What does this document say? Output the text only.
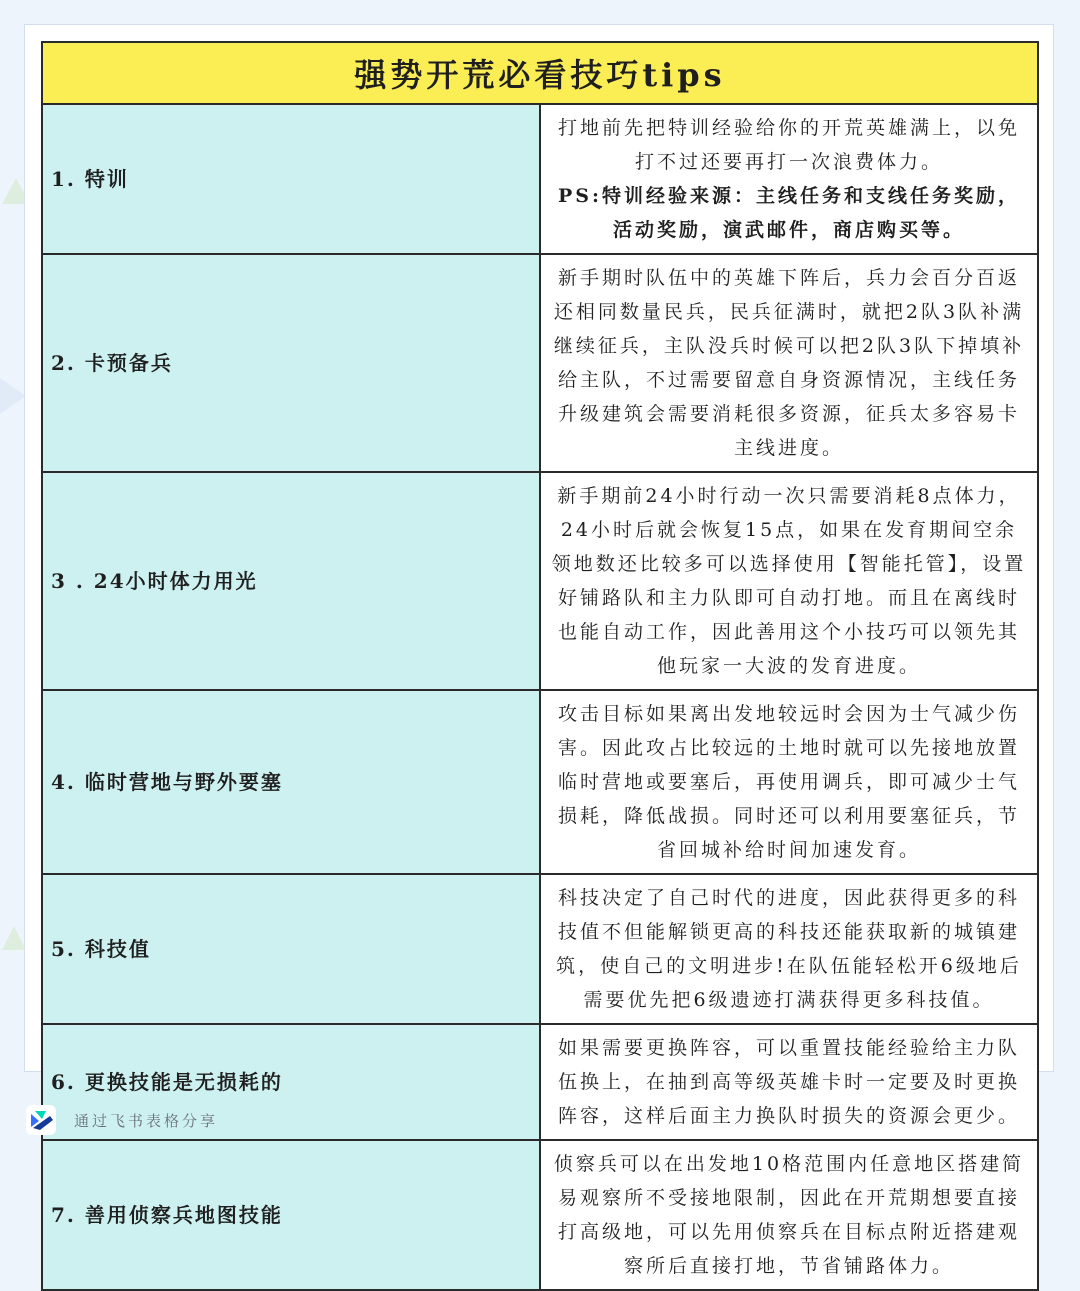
强势开荒必看技巧tips	
1. 特训	打地前先把特训经验给你的开荒英雄满上，以免打不过还要再打一次浪费体力。
PS:特训经验来源：主线任务和支线任务奖励，活动奖励，演武邮件，商店购买等。

2. 卡预备兵	新手期时队伍中的英雄下阵后，兵力会百分百返还相同数量民兵，民兵征满时，就把2队3队补满 继续征兵，主队没兵时候可以把2队3队下掉填补给主队，不过需要留意自身资源情况，主线任务升级建筑会需要消耗很多资源，征兵太多容易卡主线进度。
3 . 24小时体力用光	新手期前24小时行动一次只需要消耗8点体力，24小时后就会恢复15点，如果在发育期间空余领地数还比较多可以选择使用【智能托管】，设置好铺路队和主力队即可自动打地。而且在离线时也能自动工作，因此善用这个小技巧可以领先其他玩家一大波的发育进度。
4. 临时营地与野外要塞	攻击目标如果离出发地较远时会因为士气减少伤害。因此攻占比较远的土地时就可以先接地放置临时营地或要塞后，再使用调兵，即可减少士气损耗，降低战损。同时还可以利用要塞征兵，节省回城补给时间加速发育。
5. 科技值	科技决定了自己时代的进度，因此获得更多的科技值不但能解锁更高的科技还能获取新的城镇建筑，使自己的文明进步!在队伍能轻松开6级地后需要优先把6级遗迹打满获得更多科技值。
6. 更换技能是无损耗的	如果需要更换阵容，可以重置技能经验给主力队伍换上，在抽到高等级英雄卡时一定要及时更换阵容，这样后面主力换队时损失的资源会更少。
7. 善用侦察兵地图技能	侦察兵可以在出发地10格范围内任意地区搭建简易观察所不受接地限制，因此在开荒期想要直接打高级地，可以先用侦察兵在目标点附近搭建观察所后直接打地，节省铺路体力。
通过飞书表格分享
